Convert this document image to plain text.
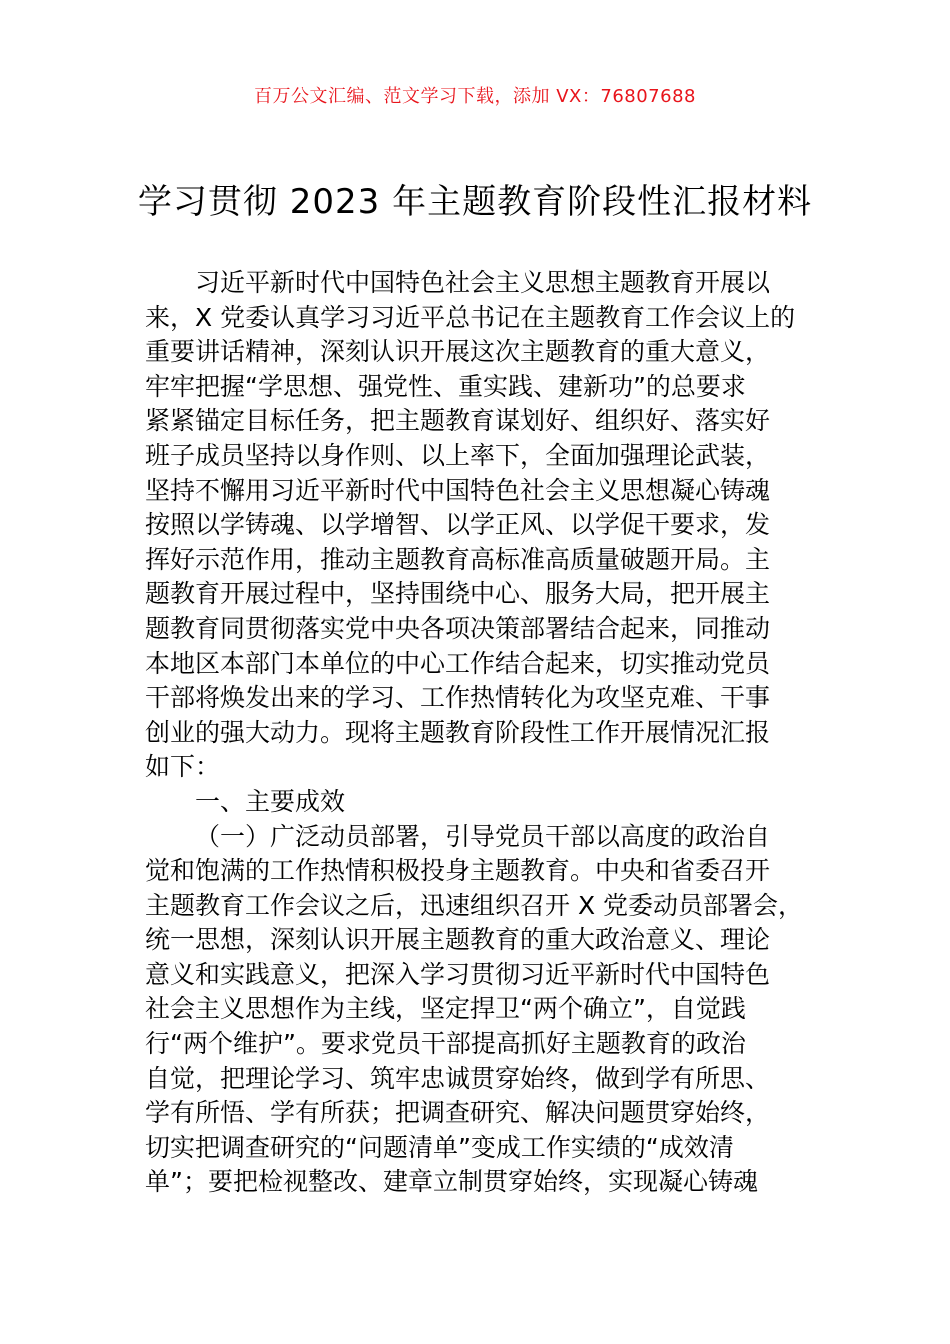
百万公文汇编、范文学习下载，添加 VX：76807688
学习贯彻 2023 年主题教育阶段性汇报材料
习近平新时代中国特色社会主义思想主题教育开展以
来，X 党委认真学习习近平总书记在主题教育工作会议上的
重要讲话精神，深刻认识开展这次主题教育的重大意义，
牢牢把握“学思想、强党性、重实践、建新功”的总要求
紧紧锚定目标任务，把主题教育谋划好、组织好、落实好
班子成员坚持以身作则、以上率下，全面加强理论武装，
坚持不懈用习近平新时代中国特色社会主义思想凝心铸魂
按照以学铸魂、以学增智、以学正风、以学促干要求，发
挥好示范作用，推动主题教育高标准高质量破题开局。主
题教育开展过程中，坚持围绕中心、服务大局，把开展主
题教育同贯彻落实党中央各项决策部署结合起来，同推动
本地区本部门本单位的中心工作结合起来，切实推动党员
干部将焕发出来的学习、工作热情转化为攻坚克难、干事
创业的强大动力。现将主题教育阶段性工作开展情况汇报
如下：
一、主要成效
（一）广泛动员部署，引导党员干部以高度的政治自
觉和饱满的工作热情积极投身主题教育。中央和省委召开
主题教育工作会议之后，迅速组织召开 X 党委动员部署会，
统一思想，深刻认识开展主题教育的重大政治意义、理论
意义和实践意义，把深入学习贯彻习近平新时代中国特色
社会主义思想作为主线，坚定捍卫“两个确立”，自觉践
行“两个维护”。要求党员干部提高抓好主题教育的政治
自觉，把理论学习、筑牢忠诚贯穿始终，做到学有所思、
学有所悟、学有所获；把调查研究、解决问题贯穿始终，
切实把调查研究的“问题清单”变成工作实绩的“成效清
单”；要把检视整改、建章立制贯穿始终，实现凝心铸魂
